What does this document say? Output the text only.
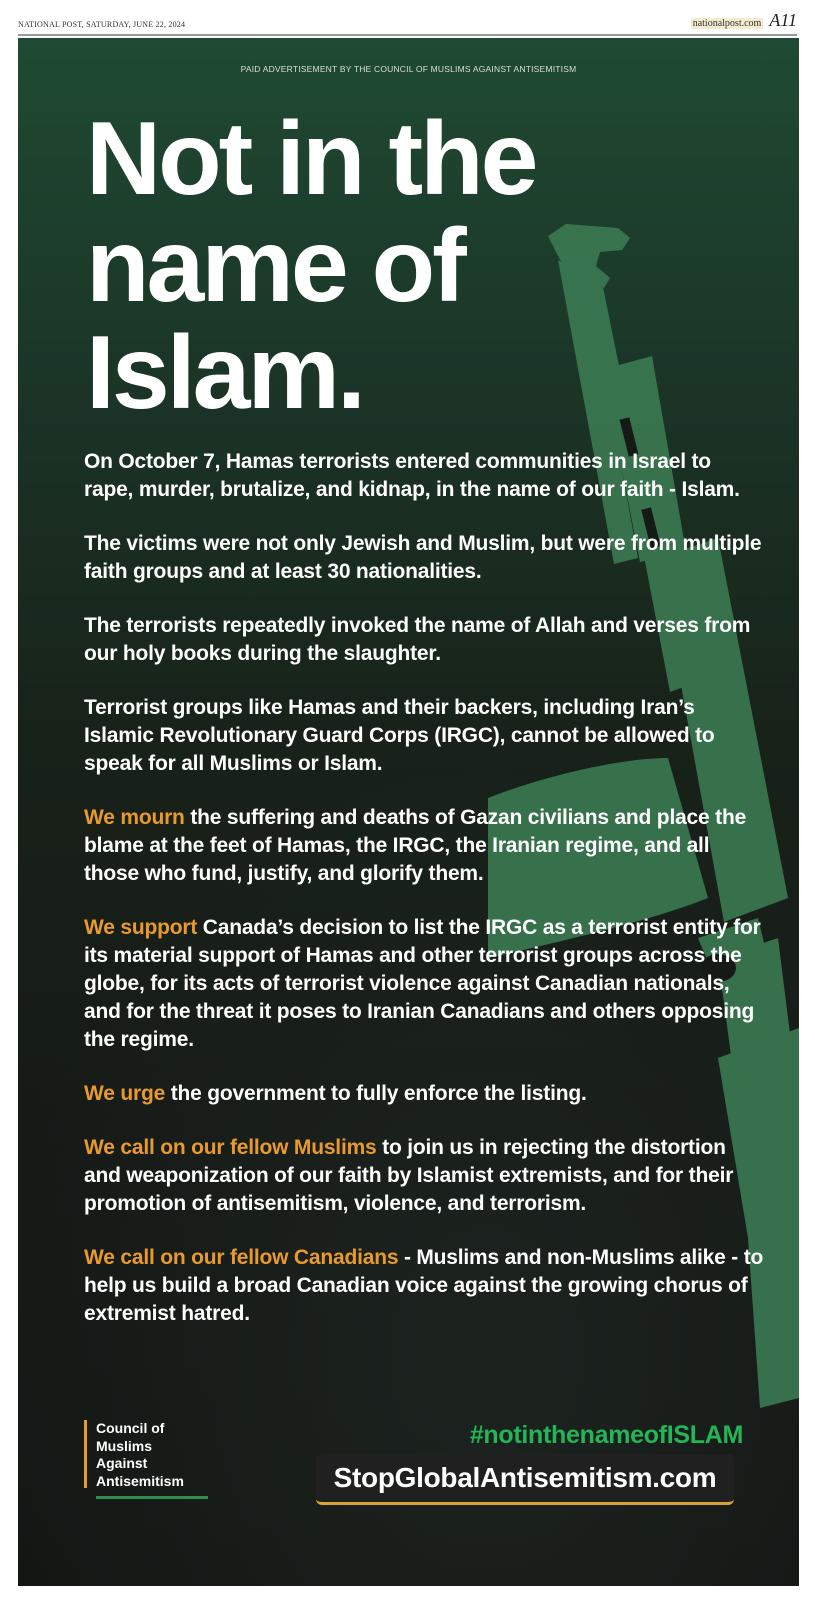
NATIONAL POST, SATURDAY, JUNE 22, 2024	nationalpost.com A11
PAID ADVERTISEMENT BY THE COUNCIL OF MUSLIMS AGAINST ANTISEMITISM
Not in the
name of
Islam.

On October 7, Hamas terrorists entered communities in Israel to rape, murder, brutalize, and kidnap, in the name of our faith - Islam.

The victims were not only Jewish and Muslim, but were from multiple faith groups and at least 30 nationalities.

The terrorists repeatedly invoked the name of Allah and verses from our holy books during the slaughter.

Terrorist groups like Hamas and their backers, including Iran’s Islamic Revolutionary Guard Corps (IRGC), cannot be allowed to speak for all Muslims or Islam.

We mourn the suffering and deaths of Gazan civilians and place the blame at the feet of Hamas, the IRGC, the Iranian regime, and all those who fund, justify, and glorify them.

We support Canada’s decision to list the IRGC as a terrorist entity for its material support of Hamas and other terrorist groups across the globe, for its acts of terrorist violence against Canadian nationals, and for the threat it poses to Iranian Canadians and others opposing the regime.

We urge the government to fully enforce the listing.

We call on our fellow Muslims to join us in rejecting the distortion and weaponization of our faith by Islamist extremists, and for their promotion of antisemitism, violence, and terrorism.

We call on our fellow Canadians - Muslims and non-Muslims alike - to help us build a broad Canadian voice against the growing chorus of extremist hatred.

Council of
Muslims
Against
Antisemitism
#notinthenameofISLAM
StopGlobalAntisemitism.com
